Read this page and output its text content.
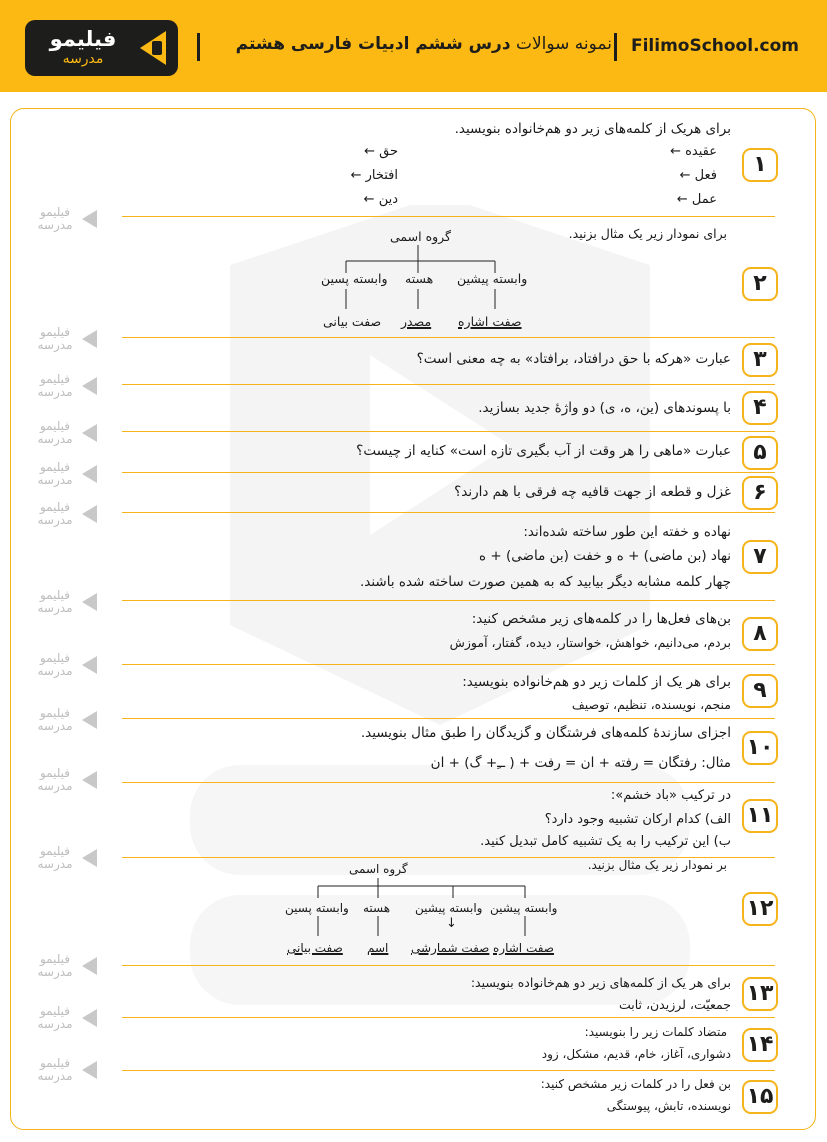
فیلیمو
مدرسه
نمونه سوالات درس ششم ادبیات فارسی هشتم	FilimoSchool.com
فیلیمو
مدرسه
فیلیمو
مدرسه
فیلیمو
مدرسه
فیلیمو
مدرسه
فیلیمو
مدرسه
فیلیمو
مدرسه
فیلیمو
مدرسه
فیلیمو
مدرسه
فیلیمو
مدرسه
فیلیمو
مدرسه
فیلیمو
مدرسه
فیلیمو
مدرسه
فیلیمو
مدرسه
فیلیمو
مدرسه
۱
برای هریک از کلمه‌های زیر دو هم‌خانواده بنویسید.
عقیده ←
فعل ←
عمل ←
حق ←
افتخار ←
دین ←
۲
برای نمودار زیر یک مثال بزنید.
گروه اسمی
وابسته پیشین
هسته
وابسته پسین
صفت اشاره
مصدر
صفت بیانی
۳
عبارت «هرکه با حق درافتاد، برافتاد» به چه معنی است؟
۴
با پسوندهای (ین، ه، ی) دو واژهٔ جدید بسازید.
۵
عبارت «ماهی را هر وقت از آب بگیری تازه است» کنایه از چیست؟
۶
غزل و قطعه از جهت قافیه چه فرقی با هم دارند؟
۷
نهاده و خفته این طور ساخته شده‌اند:
نهاد (بن ماضی) + ه و خفت (بن ماضی) + ه
چهار کلمه مشابه دیگر بیابید که به همین صورت ساخته شده باشند.
۸
بن‌های فعل‌ها را در کلمه‌های زیر مشخص کنید:
بردم، می‌دانیم، خواهش، خواستار، دیده، گفتار، آموزش
۹
برای هر یک از کلمات زیر دو هم‌خانواده بنویسید:
منجم، نویسنده، تنظیم، توصیف
۱۰
اجزای سازندهٔ کلمه‌های فرشتگان و گزیدگان را طبق مثال بنویسید.
مثال: رفتگان = رفته + ان = رفت + ( ــِ+ گ) + ان
۱۱
در ترکیب «باد خشم»:
الف) کدام ارکان تشبیه وجود دارد؟
ب) این ترکیب را به یک تشبیه کامل تبدیل کنید.
۱۲
بر نمودار زیر یک مثال بزنید.
گروه اسمی
وابسته پیشین
وابسته پیشین
هسته
وابسته پسین
↓
صفت اشاره
صفت شمارشی
اسم
صفت بیانی
۱۳
برای هر یک از کلمه‌های زیر دو هم‌خانواده بنویسید:
جمعیّت، لرزیدن، ثابت
۱۴
متضاد کلمات زیر را بنویسید:
دشواری، آغاز، خام، قدیم، مشکل، زود
۱۵
بن فعل را در کلمات زیر مشخص کنید:
نویسنده، تابش، پیوستگی
